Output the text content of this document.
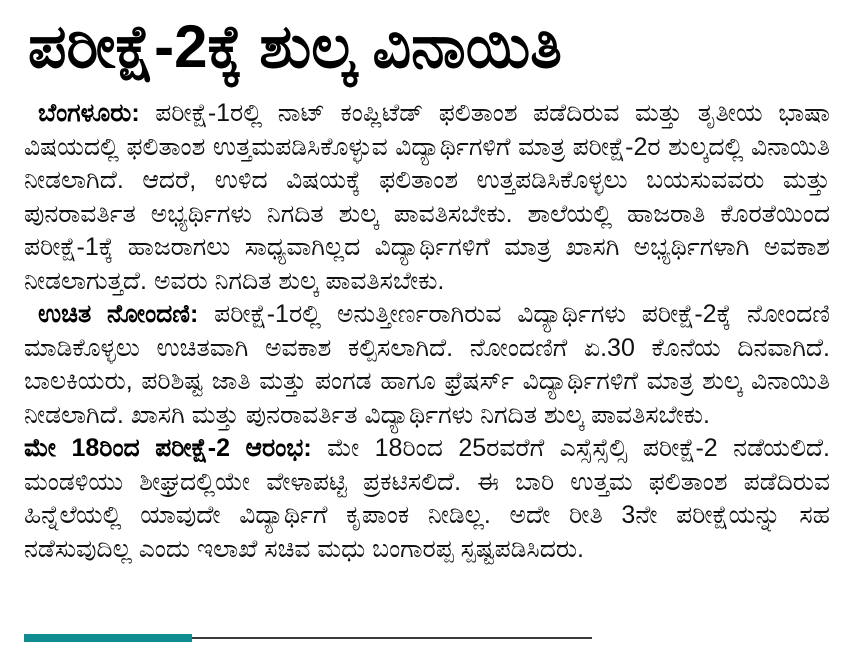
ಪರೀಕ್ಷೆ-2ಕ್ಕೆ ಶುಲ್ಕ ವಿನಾಯಿತಿ

ಬೆಂಗಳೂರು: ಪರೀಕ್ಷೆ-1ರಲ್ಲಿ ನಾಟ್ ಕಂಪ್ಲಿಟೆಡ್ ಫಲಿತಾಂಶ ಪಡೆದಿರುವ ಮತ್ತು ತೃತೀಯ ಭಾಷಾ ವಿಷಯದಲ್ಲಿ ಫಲಿತಾಂಶ ಉತ್ತಮಪಡಿಸಿಕೊಳ್ಳುವ ವಿದ್ಯಾರ್ಥಿಗಳಿಗೆ ಮಾತ್ರ ಪರೀಕ್ಷೆ-2ರ ಶುಲ್ಕದಲ್ಲಿ ವಿನಾಯಿತಿ ನೀಡಲಾಗಿದೆ. ಆದರೆ, ಉಳಿದ ವಿಷಯಕ್ಕೆ ಫಲಿತಾಂಶ ಉತ್ತಪಡಿಸಿಕೊಳ್ಳಲು ಬಯಸುವವರು ಮತ್ತು ಪುನರಾವರ್ತಿತ ಅಭ್ಯರ್ಥಿಗಳು ನಿಗದಿತ ಶುಲ್ಕ ಪಾವತಿಸಬೇಕು. ಶಾಲೆಯಲ್ಲಿ ಹಾಜರಾತಿ ಕೊರತೆಯಿಂದ ಪರೀಕ್ಷೆ-1ಕ್ಕೆ ಹಾಜರಾಗಲು ಸಾಧ್ಯವಾಗಿಲ್ಲದ ವಿದ್ಯಾರ್ಥಿಗಳಿಗೆ ಮಾತ್ರ ಖಾಸಗಿ ಅಭ್ಯರ್ಥಿಗಳಾಗಿ ಅವಕಾಶ ನೀಡಲಾಗುತ್ತದೆ. ಅವರು ನಿಗದಿತ ಶುಲ್ಕ ಪಾವತಿಸಬೇಕು.

ಉಚಿತ ನೋಂದಣಿ: ಪರೀಕ್ಷೆ-1ರಲ್ಲಿ ಅನುತ್ತೀರ್ಣರಾಗಿರುವ ವಿದ್ಯಾರ್ಥಿಗಳು ಪರೀಕ್ಷೆ-2ಕ್ಕೆ ನೋಂದಣಿ ಮಾಡಿಕೊಳ್ಳಲು ಉಚಿತವಾಗಿ ಅವಕಾಶ ಕಲ್ಪಿಸಲಾಗಿದೆ. ನೋಂದಣಿಗೆ ಏ.30 ಕೊನೆಯ ದಿನವಾಗಿದೆ. ಬಾಲಕಿಯರು, ಪರಿಶಿಷ್ಟ ಜಾತಿ ಮತ್ತು ಪಂಗಡ ಹಾಗೂ ಫ್ರೆಷರ್ಸ್ ವಿದ್ಯಾರ್ಥಿಗಳಿಗೆ ಮಾತ್ರ ಶುಲ್ಕ ವಿನಾಯಿತಿ ನೀಡಲಾಗಿದೆ. ಖಾಸಗಿ ಮತ್ತು ಪುನರಾವರ್ತಿತ ವಿದ್ಯಾರ್ಥಿಗಳು ನಿಗದಿತ ಶುಲ್ಕ ಪಾವತಿಸಬೇಕು.

ಮೇ 18ರಿಂದ ಪರೀಕ್ಷೆ-2 ಆರಂಭ: ಮೇ 18ರಿಂದ 25ರವರೆಗೆ ಎಸ್ಸೆಸ್ಸೆಲ್ಸಿ ಪರೀಕ್ಷೆ-2 ನಡೆಯಲಿದೆ. ಮಂಡಳಿಯು ಶೀಘ್ರದಲ್ಲಿಯೇ ವೇಳಾಪಟ್ಟಿ ಪ್ರಕಟಿಸಲಿದೆ. ಈ ಬಾರಿ ಉತ್ತಮ ಫಲಿತಾಂಶ ಪಡೆದಿರುವ ಹಿನ್ನೆಲೆಯಲ್ಲಿ ಯಾವುದೇ ವಿದ್ಯಾರ್ಥಿಗೆ ಕೃಪಾಂಕ ನೀಡಿಲ್ಲ. ಅದೇ ರೀತಿ 3ನೇ ಪರೀಕ್ಷೆಯನ್ನು ಸಹ ನಡೆಸುವುದಿಲ್ಲ ಎಂದು ಇಲಾಖೆ ಸಚಿವ ಮಧು ಬಂಗಾರಪ್ಪ ಸ್ಪಷ್ಟಪಡಿಸಿದರು.
